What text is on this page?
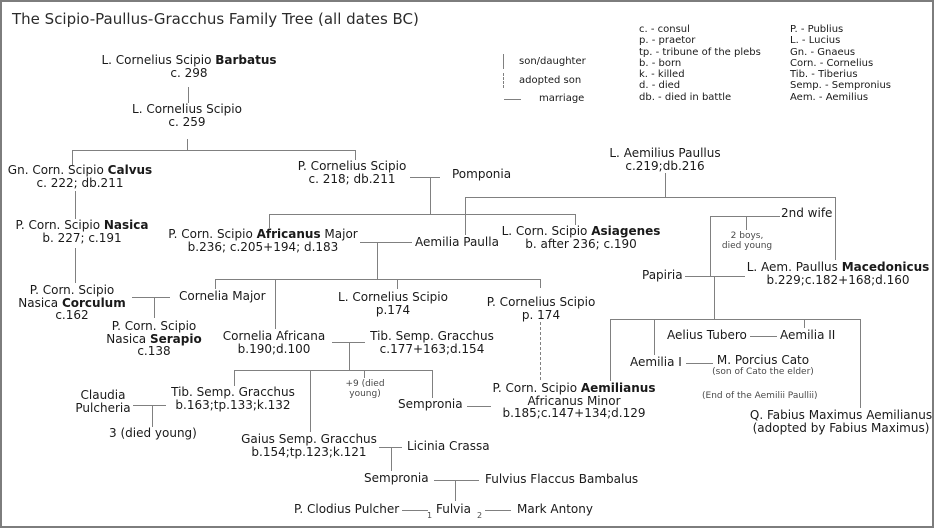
The Scipio-Paullus-Gracchus Family Tree (all dates BC)
son/daughter
adopted son
marriage
c. - consul
p. - praetor
tp. - tribune of the plebs
b. - born
k. - killed
d. - died
db. - died in battle
P. - Publius
L. - Lucius
Gn. - Gnaeus
Corn. - Cornelius
Tib. - Tiberius
Semp. - Sempronius
Aem. - Aemilius
L. Cornelius Scipio Barbatus
c. 298
L. Cornelius Scipio
c. 259
Gn. Corn. Scipio Calvus
c. 222; db.211
P. Cornelius Scipio
c. 218; db.211	Pomponia
L. Aemilius Paullus
c.219;db.216
P. Corn. Scipio Nasica
b. 227; c.191	P. Corn. Scipio Africanus Major
b.236; c.205+194; d.183	Aemilia Paulla
L. Corn. Scipio Asiagenes
b. after 236; c.190
2nd wife
2 boys,
died young
P. Corn. Scipio
Nasica Corculum
c.162
Cornelia Major	L. Cornelius Scipio
p.174
P. Corn. Scipio
Nasica Serapio
c.138
Cornelia Africana
b.190;d.100
Tib. Semp. Gracchus
c.177+163;d.154
P. Cornelius Scipio
p. 174
Papiria
L. Aem. Paullus Macedonicus
b.229;c.182+168;d.160
Aelius Tubero	Aemilia II
Aemilia I	M. Porcius Cato
(son of Cato the elder)
(End of the Aemilii Paullii)
P. Corn. Scipio Aemilianus
Africanus Minor
b.185;c.147+134;d.129	Q. Fabius Maximus Aemilianus
(adopted by Fabius Maximus)
Claudia
Pulcheria
Tib. Semp. Gracchus
b.163;tp.133;k.132
3 (died young)
+9 (died
young)
Sempronia
Gaius Semp. Gracchus
b.154;tp.123;k.121	Licinia Crassa
Sempronia	Fulvius Flaccus Bambalus
P. Clodius Pulcher	Fulvia	Mark Antony
1	2
